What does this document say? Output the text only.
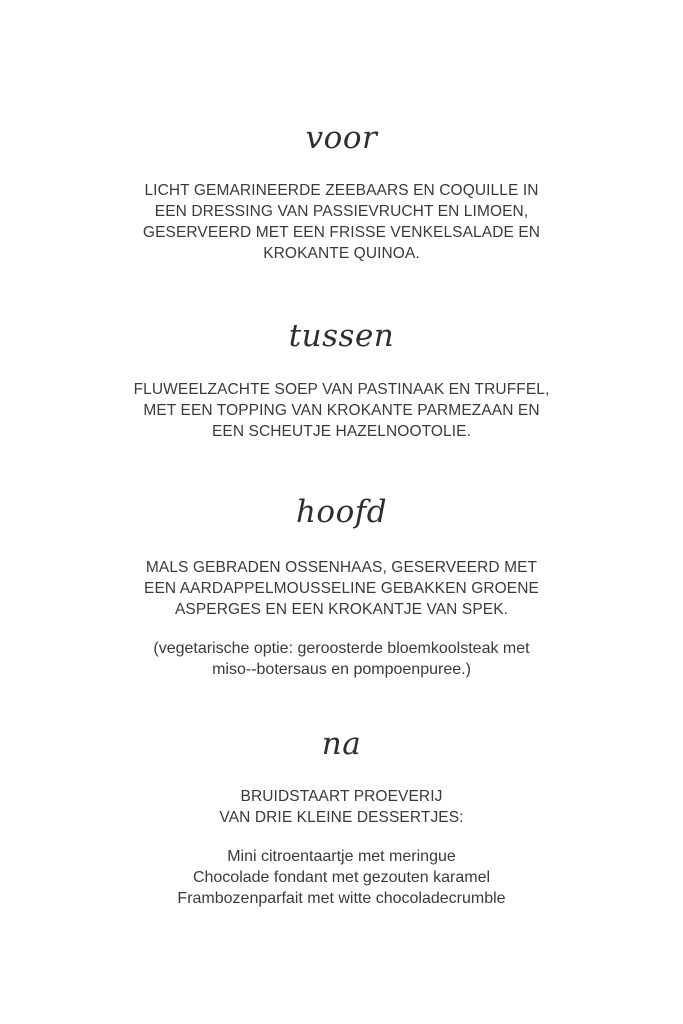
voor
LICHT GEMARINEERDE ZEEBAARS EN COQUILLE IN
EEN DRESSING VAN PASSIEVRUCHT EN LIMOEN,
GESERVEERD MET EEN FRISSE VENKELSALADE EN
KROKANTE QUINOA.
tussen
FLUWEELZACHTE SOEP VAN PASTINAAK EN TRUFFEL,
MET EEN TOPPING VAN KROKANTE PARMEZAAN EN
EEN SCHEUTJE HAZELNOOTOLIE.
hoofd
MALS GEBRADEN OSSENHAAS, GESERVEERD MET
EEN AARDAPPELMOUSSELINE GEBAKKEN GROENE
ASPERGES EN EEN KROKANTJE VAN SPEK.
(vegetarische optie: geroosterde bloemkoolsteak met
miso--botersaus en pompoenpuree.)
na
BRUIDSTAART PROEVERIJ
VAN DRIE KLEINE DESSERTJES:
Mini citroentaartje met meringue
Chocolade fondant met gezouten karamel
Frambozenparfait met witte chocoladecrumble
